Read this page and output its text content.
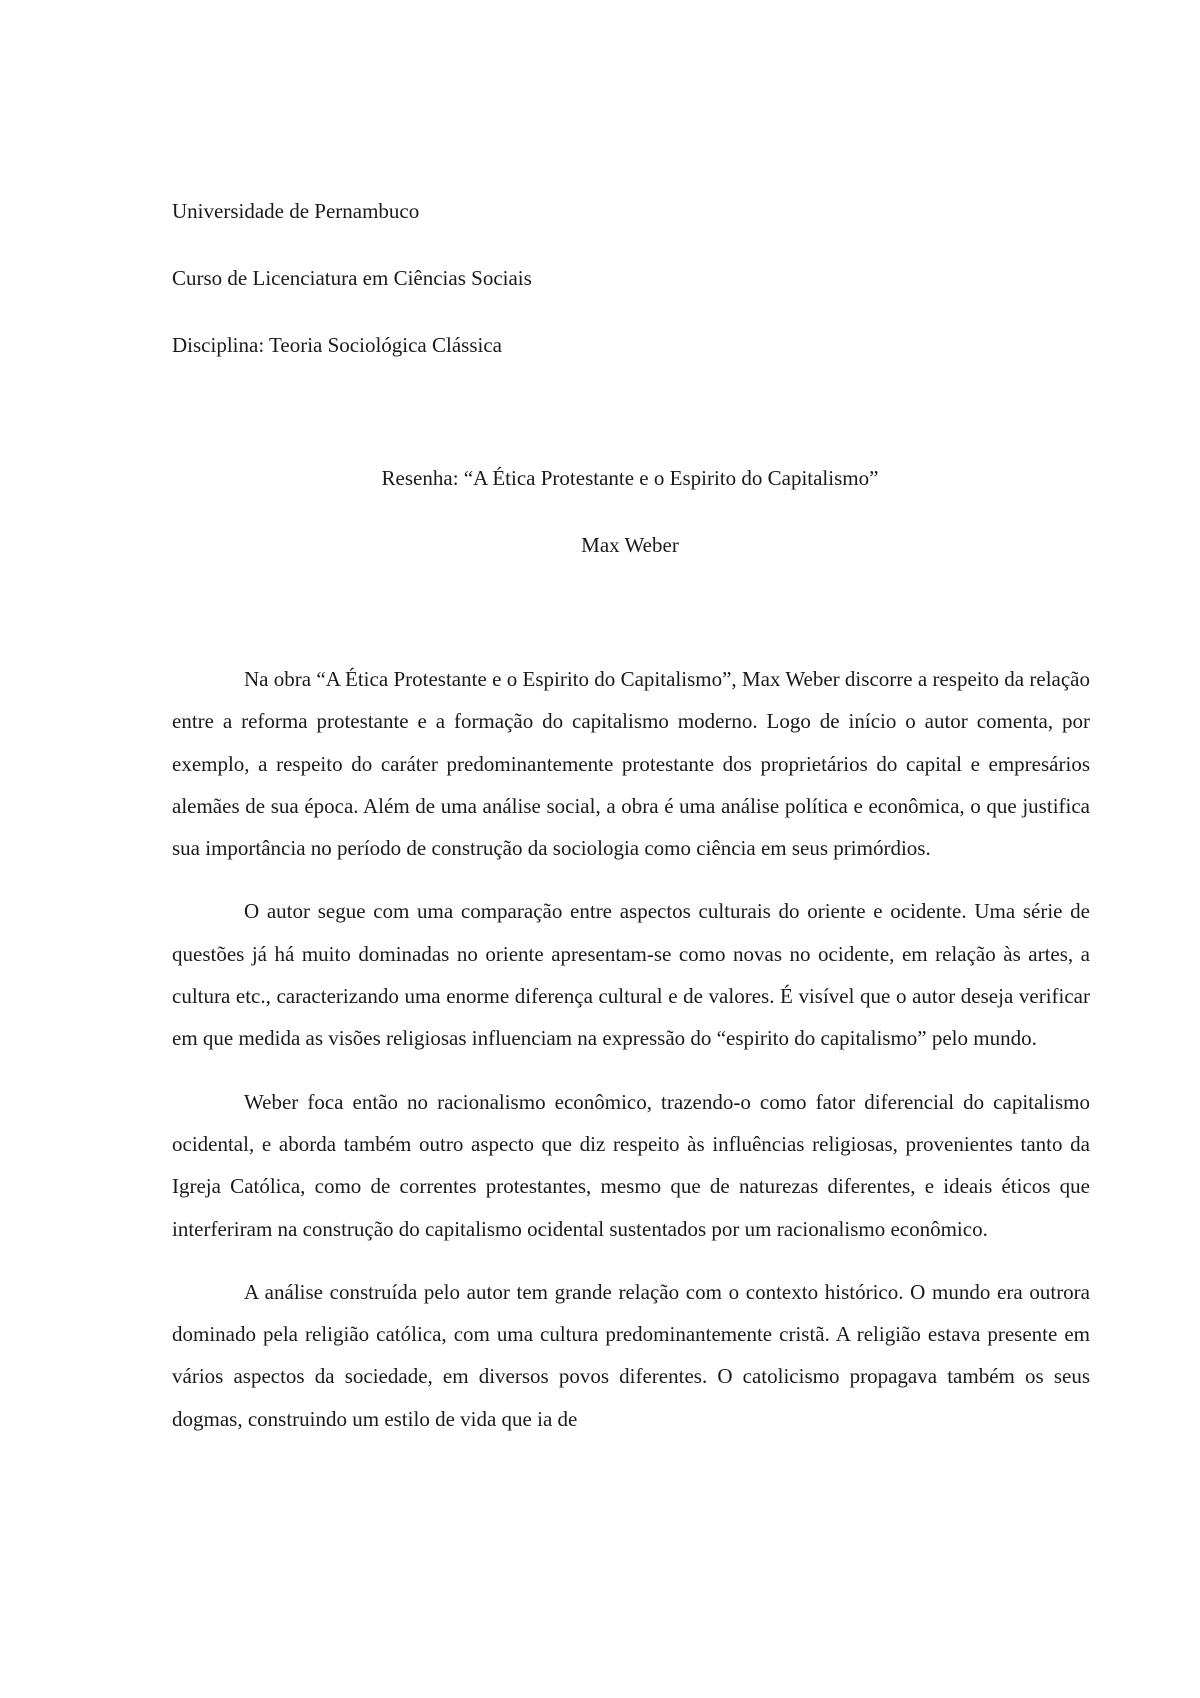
Universidade de Pernambuco
Curso de Licenciatura em Ciências Sociais
Disciplina: Teoria Sociológica Clássica
Resenha: “A Ética Protestante e o Espirito do Capitalismo”
Max Weber

Na obra “A Ética Protestante e o Espirito do Capitalismo”, Max Weber discorre a respeito da relação entre a reforma protestante e a formação do capitalismo moderno. Logo de início o autor comenta, por exemplo, a respeito do caráter predominantemente protestante dos proprietários do capital e empresários alemães de sua época. Além de uma análise social, a obra é uma análise política e econômica, o que justifica sua importância no período de construção da sociologia como ciência em seus primórdios.

O autor segue com uma comparação entre aspectos culturais do oriente e ocidente. Uma série de questões já há muito dominadas no oriente apresentam-se como novas no ocidente, em relação às artes, a cultura etc., caracterizando uma enorme diferença cultural e de valores. É visível que o autor deseja verificar em que medida as visões religiosas influenciam na expressão do “espirito do capitalismo” pelo mundo.

Weber foca então no racionalismo econômico, trazendo-o como fator diferencial do capitalismo ocidental, e aborda também outro aspecto que diz respeito às influências religiosas, provenientes tanto da Igreja Católica, como de correntes protestantes, mesmo que de naturezas diferentes, e ideais éticos que interferiram na construção do capitalismo ocidental sustentados por um racionalismo econômico.

A análise construída pelo autor tem grande relação com o contexto histórico. O mundo era outrora dominado pela religião católica, com uma cultura predominantemente cristã. A religião estava presente em vários aspectos da sociedade, em diversos povos diferentes. O catolicismo propagava também os seus dogmas, construindo um estilo de vida que ia de
